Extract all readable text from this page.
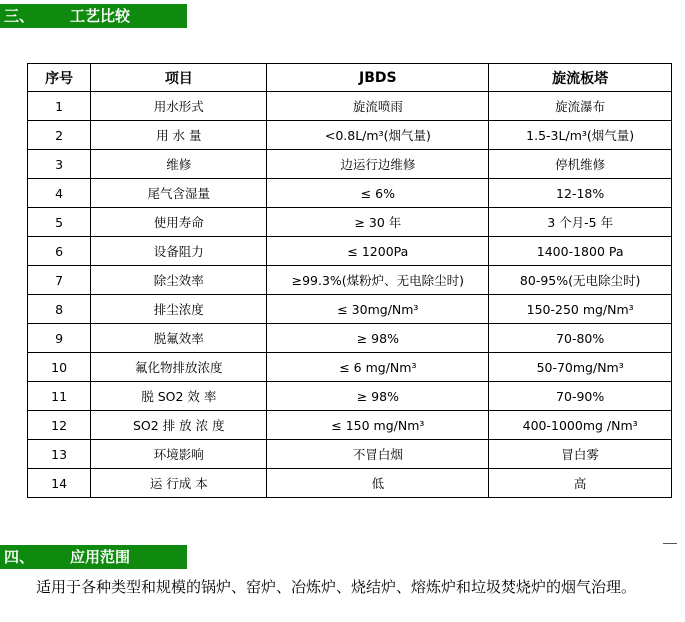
三、 工艺比较
序号	项目	JBDS	旋流板塔
1	用水形式	旋流喷雨	旋流瀑布
2	用 水 量	<0.8L/m³(烟气量)	1.5-3L/m³(烟气量)
3	维修	边运行边维修	停机维修
4	尾气含湿量	≤ 6%	12-18%
5	使用寿命	≥ 30 年	3 个月-5 年
6	设备阻力	≤ 1200Pa	1400-1800 Pa
7	除尘效率	≥99.3%(煤粉炉、无电除尘时)	80-95%(无电除尘时)
8	排尘浓度	≤ 30mg/Nm³	150-250 mg/Nm³
9	脱氟效率	≥ 98%	70-80%
10	氟化物排放浓度	≤ 6 mg/Nm³	50-70mg/Nm³
11	脱 SO2 效 率	≥ 98%	70-90%
12	SO2 排 放 浓 度	≤ 150 mg/Nm³	400-1000mg /Nm³
13	环境影响	不冒白烟	冒白雾
14	运 行成 本	低	高
四、 应用范围

适用于各种类型和规模的锅炉、窑炉、冶炼炉、烧结炉、熔炼炉和垃圾焚烧炉的烟气治理。
